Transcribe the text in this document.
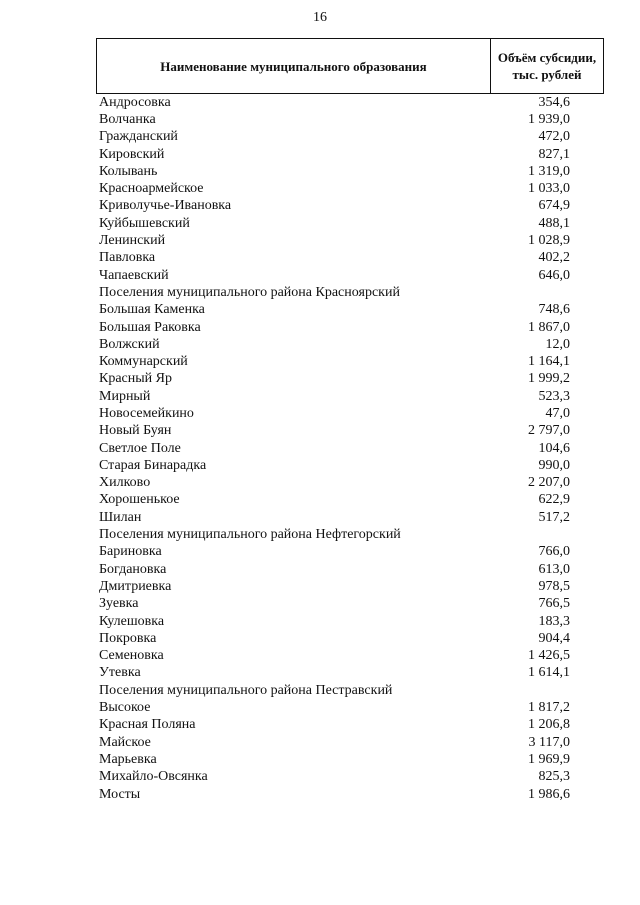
16
Наименование муниципального образования
Объём субсидии,
тыс. рублей
Андросовка	354,6
Волчанка	1 939,0
Гражданский	472,0
Кировский	827,1
Колывань	1 319,0
Красноармейское	1 033,0
Криволучье-Ивановка	674,9
Куйбышевский	488,1
Ленинский	1 028,9
Павловка	402,2
Чапаевский	646,0
Поселения муниципального района Красноярский
Большая Каменка	748,6
Большая Раковка	1 867,0
Волжский	12,0
Коммунарский	1 164,1
Красный Яр	1 999,2
Мирный	523,3
Новосемейкино	47,0
Новый Буян	2 797,0
Светлое Поле	104,6
Старая Бинарадка	990,0
Хилково	2 207,0
Хорошенькое	622,9
Шилан	517,2
Поселения муниципального района Нефтегорский
Бариновка	766,0
Богдановка	613,0
Дмитриевка	978,5
Зуевка	766,5
Кулешовка	183,3
Покровка	904,4
Семеновка	1 426,5
Утевка	1 614,1
Поселения муниципального района Пестравский
Высокое	1 817,2
Красная Поляна	1 206,8
Майское	3 117,0
Марьевка	1 969,9
Михайло-Овсянка	825,3
Мосты	1 986,6
